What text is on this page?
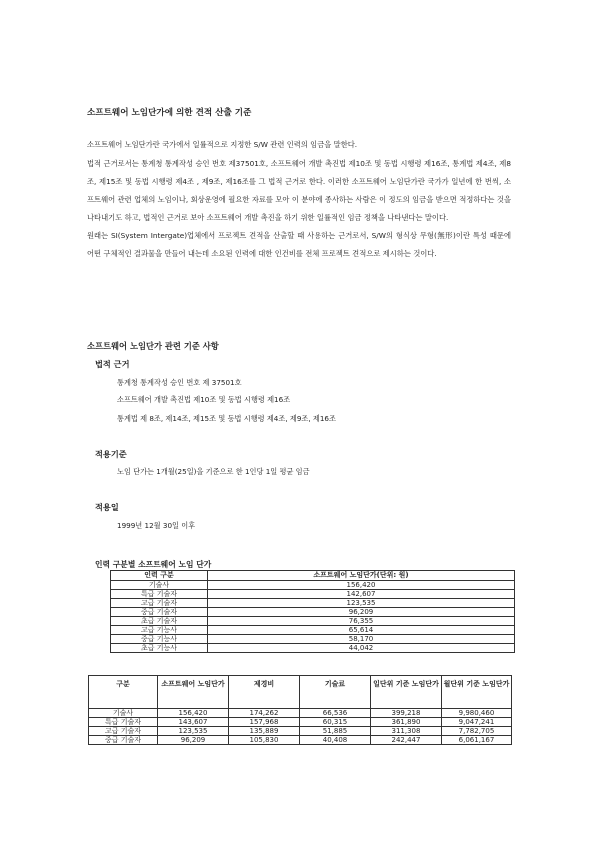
소프트웨어 노임단가에 의한 견적 산출 기준

소프트웨어 노임단가란 국가에서 일률적으로 지정한 S/W 관련 인력의 임금을 말한다.

법적 근거로서는 통계청 통계작성 승인 번호 제37501호, 소프트웨어 개발 촉진법 제10조 및 동법 시행령 제16조, 통계법 제4조, 제8조, 제15조 및 동법 시행령 제4조 , 제9조, 제16조를 그 법적 근거로 한다. 이러한 소프트웨어 노임단가란 국가가 일년에 한 번씩, 소프트웨어 관련 업체의 노임이나, 회상운영에 필요한 자료를 모아 이 분야에 종사하는 사람은 이 정도의 임금을 받으면 적정하다는 것을 나타내기도 하고, 법적인 근거로 보아 소프트웨어 개발 촉진을 하기 위한 일률적인 임금 정책을 나타낸다는 말이다.

원래는 SI(System Intergate)업체에서 프로젝트 견적을 산출할 때 사용하는 근거로서, S/W의 형식상 무형(無形)이란 특성 때문에 어떤 구체적인 결과물을 만들어 내는데 소요된 인력에 대한 인건비를 전체 프로젝트 견적으로 제시하는 것이다.

소프트웨어 노임단가 관련 기준 사항
법적 근거
통계청 통계작성 승인 번호 제 37501호
소프트웨어 개발 촉진법 제10조 및 동법 시행령 제16조
통계법 제 8조, 제14조, 제15조 및 동법 시행령 제4조, 제9조, 제16조
적용기준
노임 단가는 1개월(25일)을 기준으로 한 1인당 1일 평균 임금
적용일
1999년 12월 30일 이후
인력 구분별 소프트웨어 노임 단가
인력 구분	소프트웨어 노임단가(단위: 원)
기술사	156,420
특급 기술자	142,607
고급 기술자	123,535
중급 기술자	96,209
초급 기술자	76,355
고급 기능사	65,614
중급 기능사	58,170
초급 기능사	44,042
구분	소프트웨어 노임단가	제경비	기술료	일단위 기준 노임단가	월단위 기준 노임단가
기술사	156,420	174,262	66,536	399,218	9,980,460
특급 기술자	143,607	157,968	60,315	361,890	9,047,241
고급 기술자	123,535	135,889	51,885	311,308	7,782,705
중급 기술자	96,209	105,830	40,408	242,447	6,061,167
